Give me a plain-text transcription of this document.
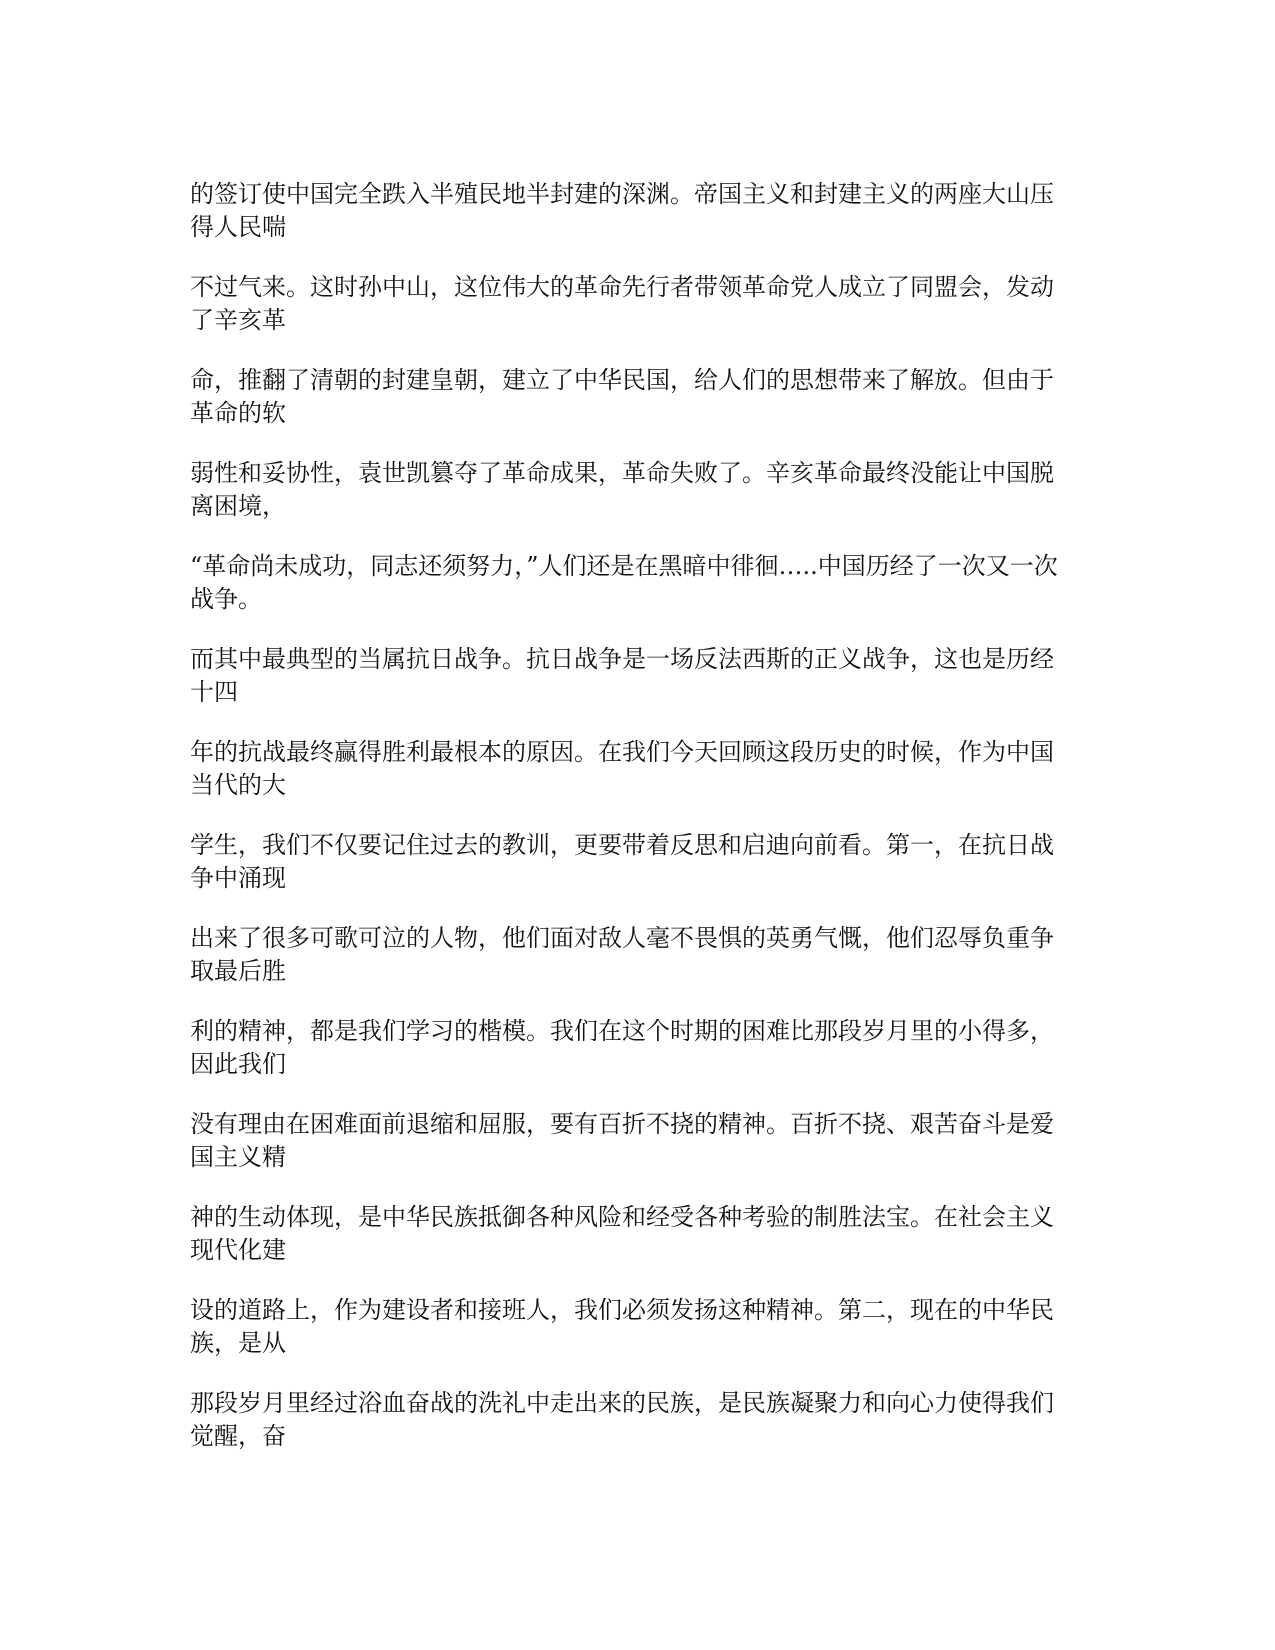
的签订使中国完全跌入半殖民地半封建的深渊。帝国主义和封建主义的两座大山压
得人民喘

不过气来。这时孙中山，这位伟大的革命先行者带领革命党人成立了同盟会，发动
了辛亥革

命，推翻了清朝的封建皇朝，建立了中华民国，给人们的思想带来了解放。但由于
革命的软

弱性和妥协性，袁世凯篡夺了革命成果，革命失败了。辛亥革命最终没能让中国脱
离困境，

“革命尚未成功，同志还须努力，”人们还是在黑暗中徘徊…..中国历经了一次又一次
战争。

而其中最典型的当属抗日战争。抗日战争是一场反法西斯的正义战争，这也是历经
十四

年的抗战最终赢得胜利最根本的原因。在我们今天回顾这段历史的时候，作为中国
当代的大

学生，我们不仅要记住过去的教训，更要带着反思和启迪向前看。第一，在抗日战
争中涌现

出来了很多可歌可泣的人物，他们面对敌人毫不畏惧的英勇气慨，他们忍辱负重争
取最后胜

利的精神，都是我们学习的楷模。我们在这个时期的困难比那段岁月里的小得多，
因此我们

没有理由在困难面前退缩和屈服，要有百折不挠的精神。百折不挠、艰苦奋斗是爱
国主义精

神的生动体现，是中华民族抵御各种风险和经受各种考验的制胜法宝。在社会主义
现代化建

设的道路上，作为建设者和接班人，我们必须发扬这种精神。第二，现在的中华民
族，是从

那段岁月里经过浴血奋战的洗礼中走出来的民族，是民族凝聚力和向心力使得我们
觉醒，奋
